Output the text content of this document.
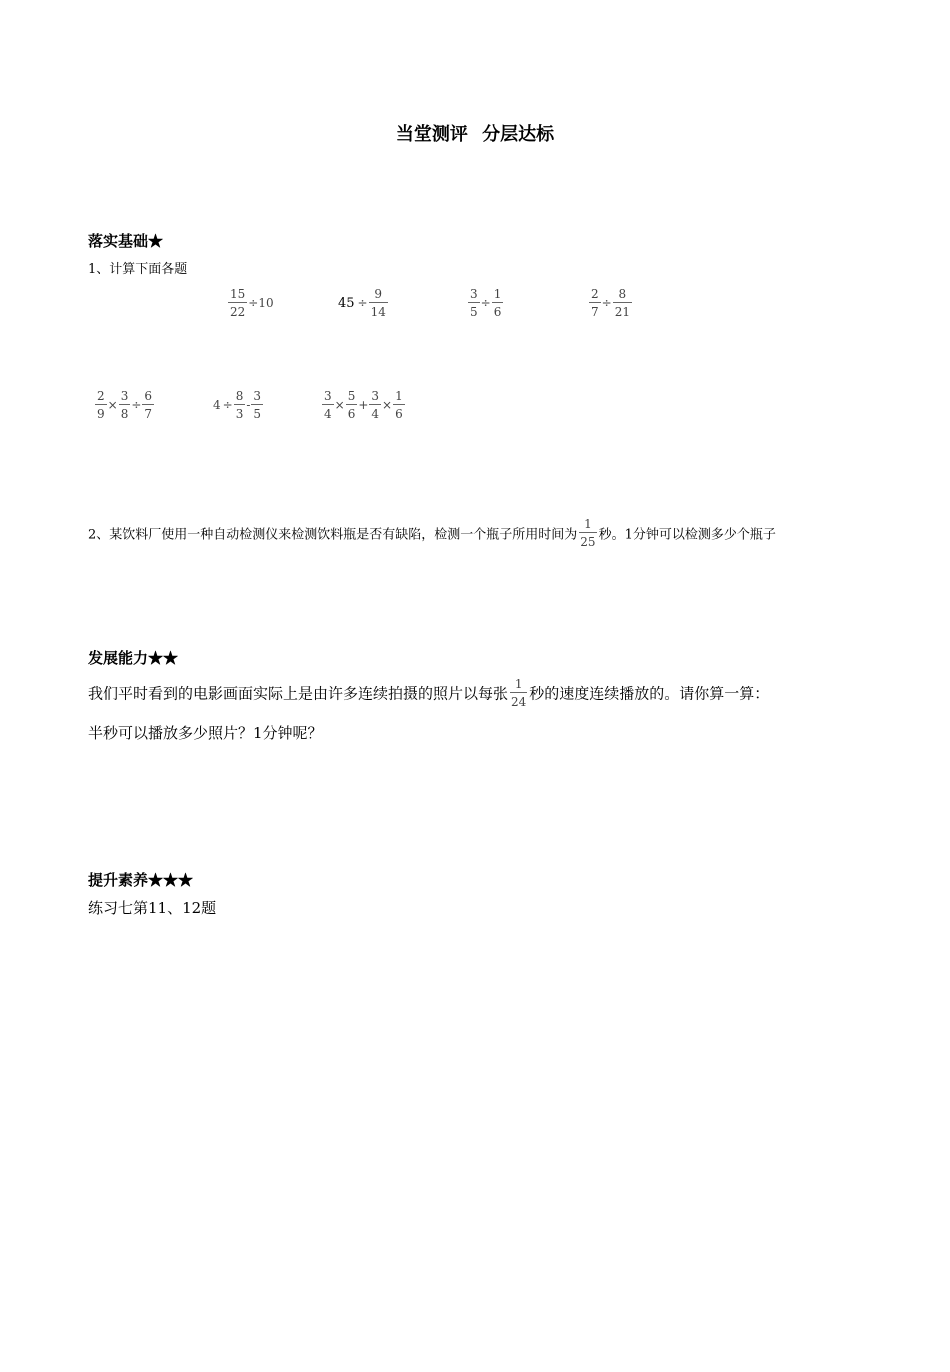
当堂测评 分层达标
落实基础★
1、计算下面各题
$\frac{15}{22} \div 10$	$45 \div \frac{9}{14}$	$\frac{3}{5} \div \frac{1}{6}$	$\frac{2}{7} \div \frac{8}{21}$
$\frac{2}{9} \times \frac{3}{8} \div \frac{6}{7}$	$4 \div \frac{8}{3} - \frac{3}{5}$	$\frac{3}{4} \times \frac{5}{6} + \frac{3}{4} \times \frac{1}{6}$
2、某饮料厂使用一种自动检测仪来检测饮料瓶是否有缺陷，检测一个瓶子所用时间为 $\frac{1}{25}$ 秒。1分钟可以检测多少个瓶子
发展能力★★
我们平时看到的电影画面实际上是由许多连续拍摄的照片以每张 $\frac{1}{24}$ 秒的速度连续播放的。请你算一算：
半秒可以播放多少照片？1分钟呢？
提升素养★★★
练习七第11、12题
